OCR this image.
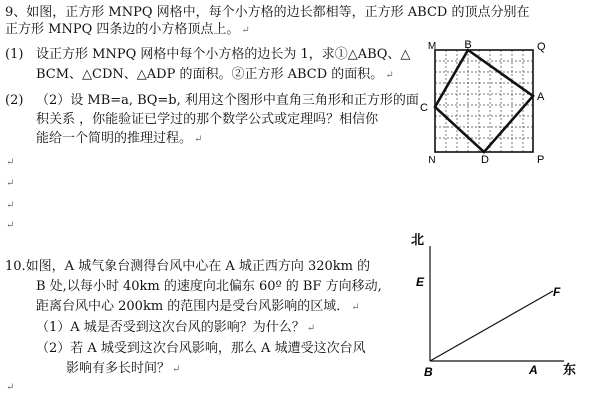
9、如图，正方形 MNPQ 网格中，每个小方格的边长都相等，正方形 ABCD 的顶点分别在
正方形 MNPQ 四条边的小方格顶点上。 ↵
(1) 设正方形 MNPQ 网格中每个小方格的边长为 1，求①△ABQ、△
BCM、△CDN、△ADP 的面积。②正方形 ABCD 的面积。 ↵
(2) （2）设 MB=a, BQ=b, 利用这个图形中直角三角形和正方形的面
积关系 ，你能验证已学过的那个数学公式或定理吗？相信你
能给一个简明的推理过程。 ↵
↵
↵
↵
↵
M	B	Q
C
A
N	D	P
10.如图，A 城气象台测得台风中心在 A 城正西方向 320km 的
B 处,以每小时 40km 的速度向北偏东 60º 的 BF 方向移动,
距离台风中心 200km 的范围内是受台风影响的区域． ↵
（1）A 城是否受到这次台风的影响？为什么？ ↵
（2）若 A 城受到这次台风影响，那么 A 城遭受这次台风
影响有多长时间？ ↵
↵
北
E
F
B	A 东
